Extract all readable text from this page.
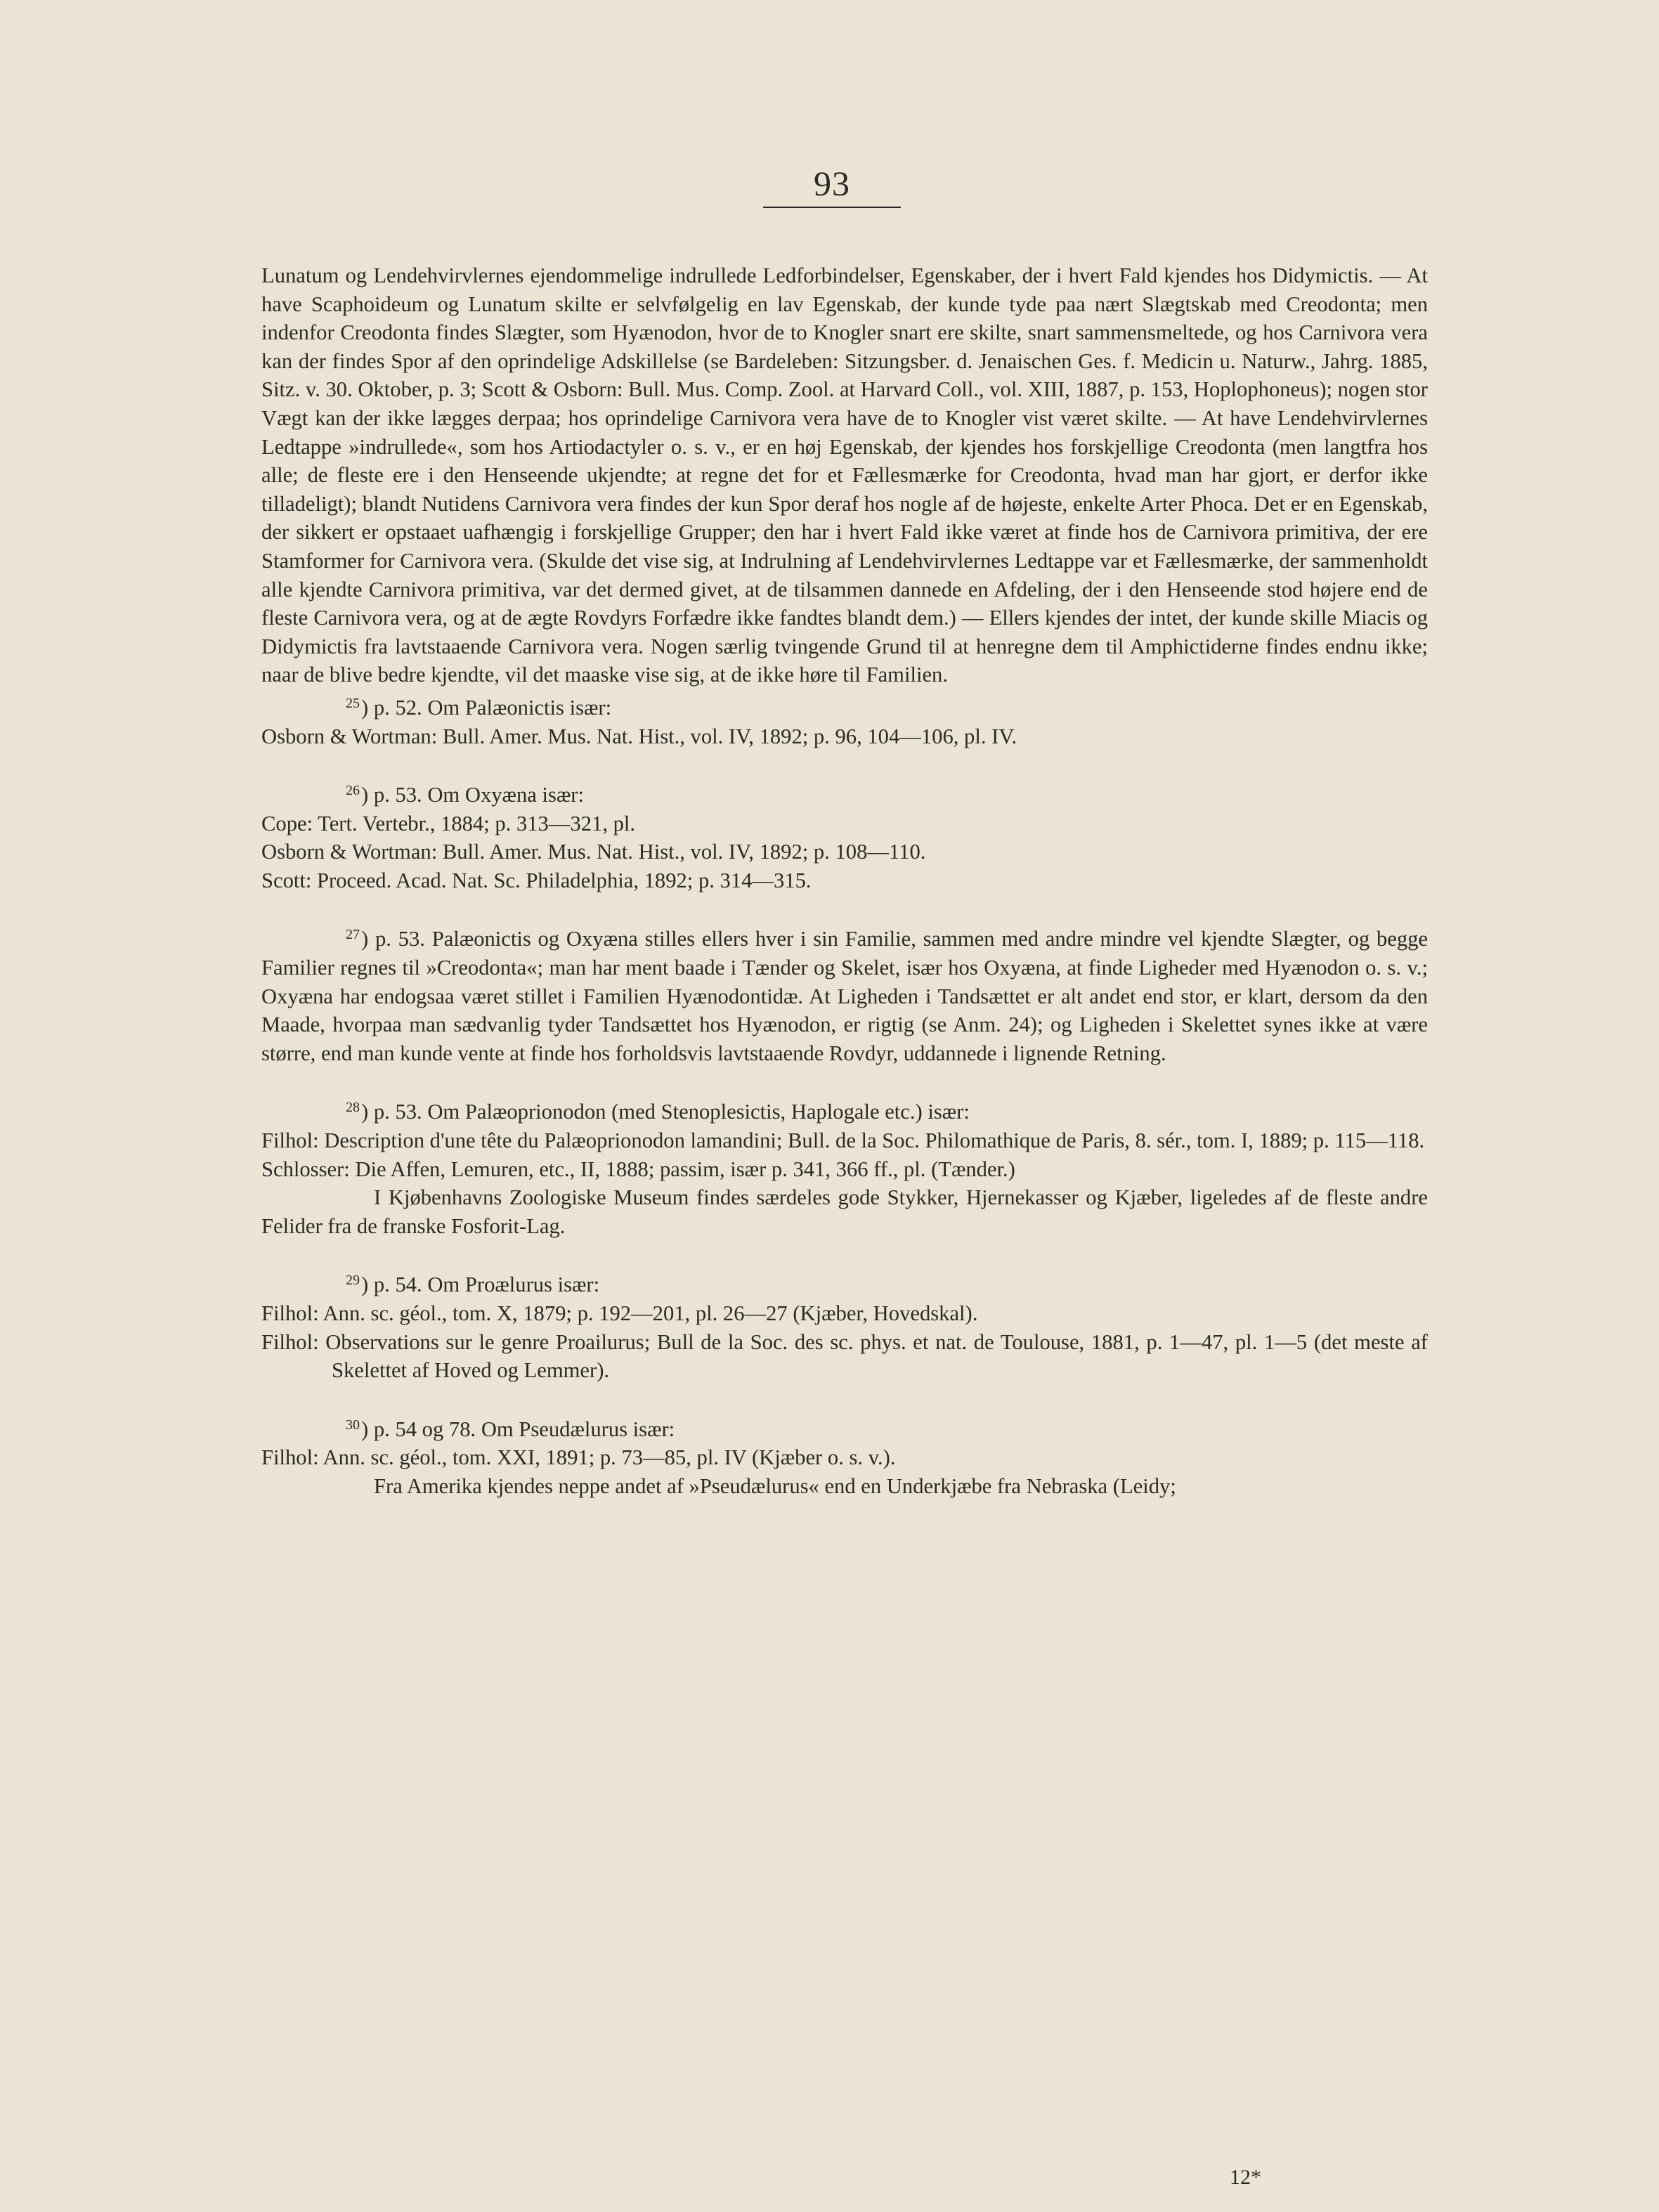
93

Lunatum og Lendehvirvlernes ejendommelige indrullede Ledforbindelser, Egenskaber, der i hvert Fald kjendes hos Didymictis. — At have Scaphoideum og Lunatum skilte er selvfølgelig en lav Egenskab, der kunde tyde paa nært Slægtskab med Creodonta; men indenfor Creodonta findes Slægter, som Hyænodon, hvor de to Knogler snart ere skilte, snart sammensmeltede, og hos Carnivora vera kan der findes Spor af den oprindelige Adskillelse (se Bardeleben: Sitzungsber. d. Jenaischen Ges. f. Medicin u. Naturw., Jahrg. 1885, Sitz. v. 30. Oktober, p. 3; Scott & Osborn: Bull. Mus. Comp. Zool. at Harvard Coll., vol. XIII, 1887, p. 153, Hoplophoneus); nogen stor Vægt kan der ikke lægges derpaa; hos oprindelige Carnivora vera have de to Knogler vist været skilte. — At have Lendehvirvlernes Ledtappe »indrullede«, som hos Artiodactyler o. s. v., er en høj Egenskab, der kjendes hos forskjellige Creodonta (men langtfra hos alle; de fleste ere i den Henseende ukjendte; at regne det for et Fællesmærke for Creodonta, hvad man har gjort, er derfor ikke tilladeligt); blandt Nutidens Carnivora vera findes der kun Spor deraf hos nogle af de højeste, enkelte Arter Phoca. Det er en Egenskab, der sikkert er opstaaet uafhængig i forskjellige Grupper; den har i hvert Fald ikke været at finde hos de Carnivora primitiva, der ere Stamformer for Carnivora vera. (Skulde det vise sig, at Indrulning af Lendehvirvlernes Ledtappe var et Fællesmærke, der sammenholdt alle kjendte Carnivora primitiva, var det dermed givet, at de tilsammen dannede en Afdeling, der i den Henseende stod højere end de fleste Carnivora vera, og at de ægte Rovdyrs Forfædre ikke fandtes blandt dem.) — Ellers kjendes der intet, der kunde skille Miacis og Didymictis fra lavtstaaende Carnivora vera. Nogen særlig tvingende Grund til at henregne dem til Amphictiderne findes endnu ikke; naar de blive bedre kjendte, vil det maaske vise sig, at de ikke høre til Familien.

$^{25}$) p. 52. Om Palæonictis især:

Osborn & Wortman: Bull. Amer. Mus. Nat. Hist., vol. IV, 1892; p. 96, 104—106, pl. IV.

$^{26}$) p. 53. Om Oxyæna især:

Cope: Tert. Vertebr., 1884; p. 313—321, pl.

Osborn & Wortman: Bull. Amer. Mus. Nat. Hist., vol. IV, 1892; p. 108—110.

Scott: Proceed. Acad. Nat. Sc. Philadelphia, 1892; p. 314—315.

$^{27}$) p. 53. Palæonictis og Oxyæna stilles ellers hver i sin Familie, sammen med andre mindre vel kjendte Slægter, og begge Familier regnes til »Creodonta«; man har ment baade i Tænder og Skelet, især hos Oxyæna, at finde Ligheder med Hyænodon o. s. v.; Oxyæna har endogsaa været stillet i Familien Hyænodontidæ. At Ligheden i Tandsættet er alt andet end stor, er klart, dersom da den Maade, hvorpaa man sædvanlig tyder Tandsættet hos Hyænodon, er rigtig (se Anm. 24); og Ligheden i Skelettet synes ikke at være større, end man kunde vente at finde hos forholdsvis lavtstaaende Rovdyr, uddannede i lignende Retning.

$^{28}$) p. 53. Om Palæoprionodon (med Stenoplesictis, Haplogale etc.) især:

Filhol: Description d'une tête du Palæoprionodon lamandini; Bull. de la Soc. Philomathique de Paris, 8. sér., tom. I, 1889; p. 115—118.

Schlosser: Die Affen, Lemuren, etc., II, 1888; passim, især p. 341, 366 ff., pl. (Tænder.)

I Kjøbenhavns Zoologiske Museum findes særdeles gode Stykker, Hjernekasser og Kjæber, ligeledes af de fleste andre Felider fra de franske Fosforit-Lag.

$^{29}$) p. 54. Om Proælurus især:

Filhol: Ann. sc. géol., tom. X, 1879; p. 192—201, pl. 26—27 (Kjæber, Hovedskal).

Filhol: Observations sur le genre Proailurus; Bull de la Soc. des sc. phys. et nat. de Toulouse, 1881, p. 1—47, pl. 1—5 (det meste af Skelettet af Hoved og Lemmer).

$^{30}$) p. 54 og 78. Om Pseudælurus især:

Filhol: Ann. sc. géol., tom. XXI, 1891; p. 73—85, pl. IV (Kjæber o. s. v.).

Fra Amerika kjendes neppe andet af »Pseudælurus« end en Underkjæbe fra Nebraska (Leidy;

12*
